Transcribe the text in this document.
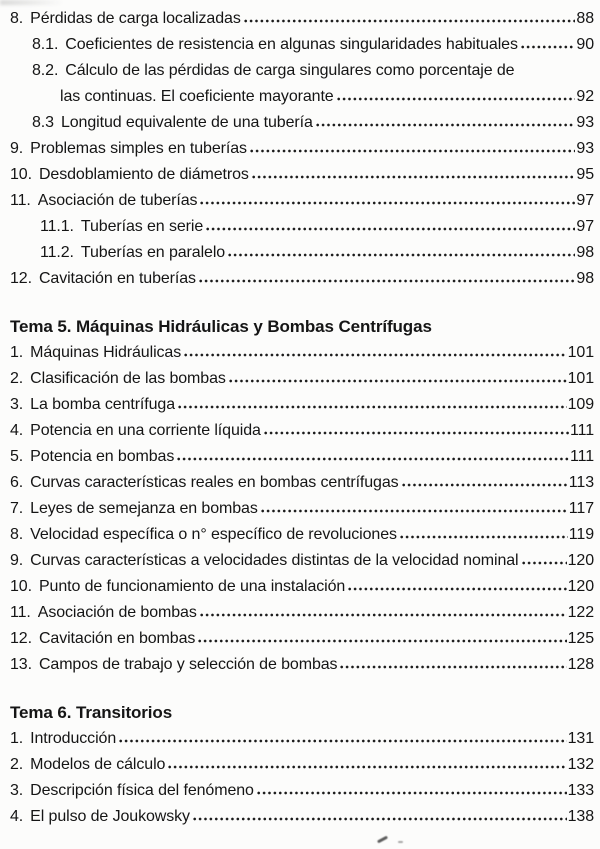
8. Pérdidas de carga localizadas	88
8.1. Coeficientes de resistencia en algunas singularidades habituales	90
8.2. Cálculo de las pérdidas de carga singulares como porcentaje de
las continuas. El coeficiente mayorante	92
8.3 Longitud equivalente de una tubería	93
9. Problemas simples en tuberías	93
10. Desdoblamiento de diámetros	95
11. Asociación de tuberías	97
11.1. Tuberías en serie	97
11.2. Tuberías en paralelo	98
12. Cavitación en tuberías	98
Tema 5. Máquinas Hidráulicas y Bombas Centrífugas
1. Máquinas Hidráulicas	101
2. Clasificación de las bombas	101
3. La bomba centrífuga	109
4. Potencia en una corriente líquida	111
5. Potencia en bombas	111
6. Curvas características reales en bombas centrífugas	113
7. Leyes de semejanza en bombas	117
8. Velocidad específica o n° específico de revoluciones	119
9. Curvas características a velocidades distintas de la velocidad nominal	120
10. Punto de funcionamiento de una instalación	120
11. Asociación de bombas	122
12. Cavitación en bombas	125
13. Campos de trabajo y selección de bombas	128
Tema 6. Transitorios
1. Introducción	131
2. Modelos de cálculo	132
3. Descripción física del fenómeno	133
4. El pulso de Joukowsky	138
